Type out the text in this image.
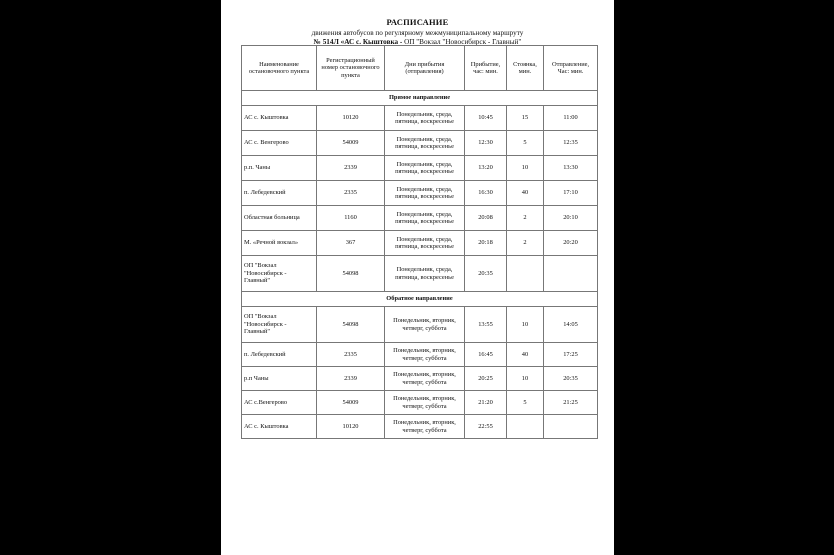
РАСПИСАНИЕ
движения автобусов по регулярному межмуниципальному маршруту
№ 514Л «АС с. Кыштовка - ОП "Вокзал "Новосибирск - Главный"
Наименование остановочного пункта	Регистрационный номер остановочного пункта	Дни прибытия (отправления)	Прибытие, час: мин.	Стоянка, мин.	Отправление, Час: мин.
Прямое направление					
АС с. Кыштовка	10120	Понедельник, среда, пятница, воскресенье	10:45	15	11:00
АС с. Венгерово	54009	Понедельник, среда, пятница, воскресенье	12:30	5	12:35
р.п. Чаны	2339	Понедельник, среда, пятница, воскресенье	13:20	10	13:30
п. Лебедевский	2335	Понедельник, среда, пятница, воскресенье	16:30	40	17:10
Областная больница	1160	Понедельник, среда, пятница, воскресенье	20:08	2	20:10
М. «Речной вокзал»	367	Понедельник, среда, пятница, воскресенье	20:18	2	20:20
ОП "Вокзал "Новосибирск - Главный"	54098	Понедельник, среда, пятница, воскресенье	20:35		
Обратное направление					
ОП "Вокзал "Новосибирск - Главный"	54098	Понедельник, вторник, четверг, суббота	13:55	10	14:05
п. Лебедевский	2335	Понедельник, вторник, четверг, суббота	16:45	40	17:25
р.п Чаны	2339	Понедельник, вторник, четверг, суббота	20:25	10	20:35
АС с.Венгерово	54009	Понедельник, вторник, четверг, суббота	21:20	5	21:25
АС с. Кыштовка	10120	Понедельник, вторник, четверг, суббота	22:55		
